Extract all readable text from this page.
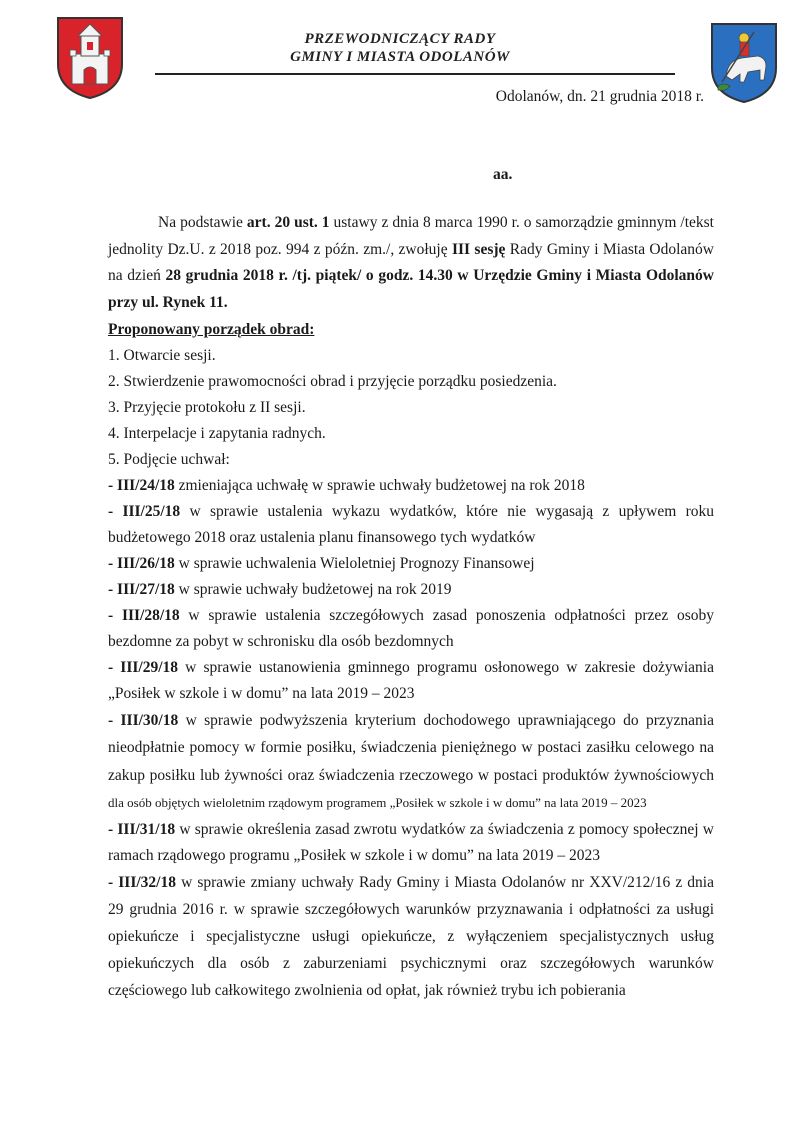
PRZEWODNICZĄCY RADY
GMINY I MIASTA ODOLANÓW
Odolanów, dn. 21 grudnia 2018 r.
aa.

Na podstawie art. 20 ust. 1 ustawy z dnia 8 marca 1990 r. o samorządzie gminnym /tekst jednolity Dz.U. z 2018 poz. 994 z późn. zm./, zwołuję III sesję Rady Gminy i Miasta Odolanów na dzień 28 grudnia 2018 r. /tj. piątek/ o godz. 14.30 w Urzędzie Gminy i Miasta Odolanów przy ul. Rynek 11.

Proponowany porządek obrad:

1. Otwarcie sesji.

2. Stwierdzenie prawomocności obrad i przyjęcie porządku posiedzenia.

3. Przyjęcie protokołu z II sesji.

4. Interpelacje i zapytania radnych.

5. Podjęcie uchwał:

- III/24/18 zmieniająca uchwałę w sprawie uchwały budżetowej na rok 2018

- III/25/18 w sprawie ustalenia wykazu wydatków, które nie wygasają z upływem roku budżetowego 2018 oraz ustalenia planu finansowego tych wydatków

- III/26/18 w sprawie uchwalenia Wieloletniej Prognozy Finansowej

- III/27/18 w sprawie uchwały budżetowej na rok 2019

- III/28/18 w sprawie ustalenia szczegółowych zasad ponoszenia odpłatności przez osoby bezdomne za pobyt w schronisku dla osób bezdomnych

- III/29/18 w sprawie ustanowienia gminnego programu osłonowego w zakresie dożywiania „Posiłek w szkole i w domu” na lata 2019 – 2023

- III/30/18 w sprawie podwyższenia kryterium dochodowego uprawniającego do przyznania nieodpłatnie pomocy w formie posiłku, świadczenia pieniężnego w postaci zasiłku celowego na zakup posiłku lub żywności oraz świadczenia rzeczowego w postaci produktów żywnościowych dla osób objętych wieloletnim rządowym programem „Posiłek w szkole i w domu” na lata 2019 – 2023

- III/31/18 w sprawie określenia zasad zwrotu wydatków za świadczenia z pomocy społecznej w ramach rządowego programu „Posiłek w szkole i w domu” na lata 2019 – 2023

- III/32/18 w sprawie zmiany uchwały Rady Gminy i Miasta Odolanów nr XXV/212/16 z dnia 29 grudnia 2016 r. w sprawie szczegółowych warunków przyznawania i odpłatności za usługi opiekuńcze i specjalistyczne usługi opiekuńcze, z wyłączeniem specjalistycznych usług opiekuńczych dla osób z zaburzeniami psychicznymi oraz szczegółowych warunków częściowego lub całkowitego zwolnienia od opłat, jak również trybu ich pobierania
